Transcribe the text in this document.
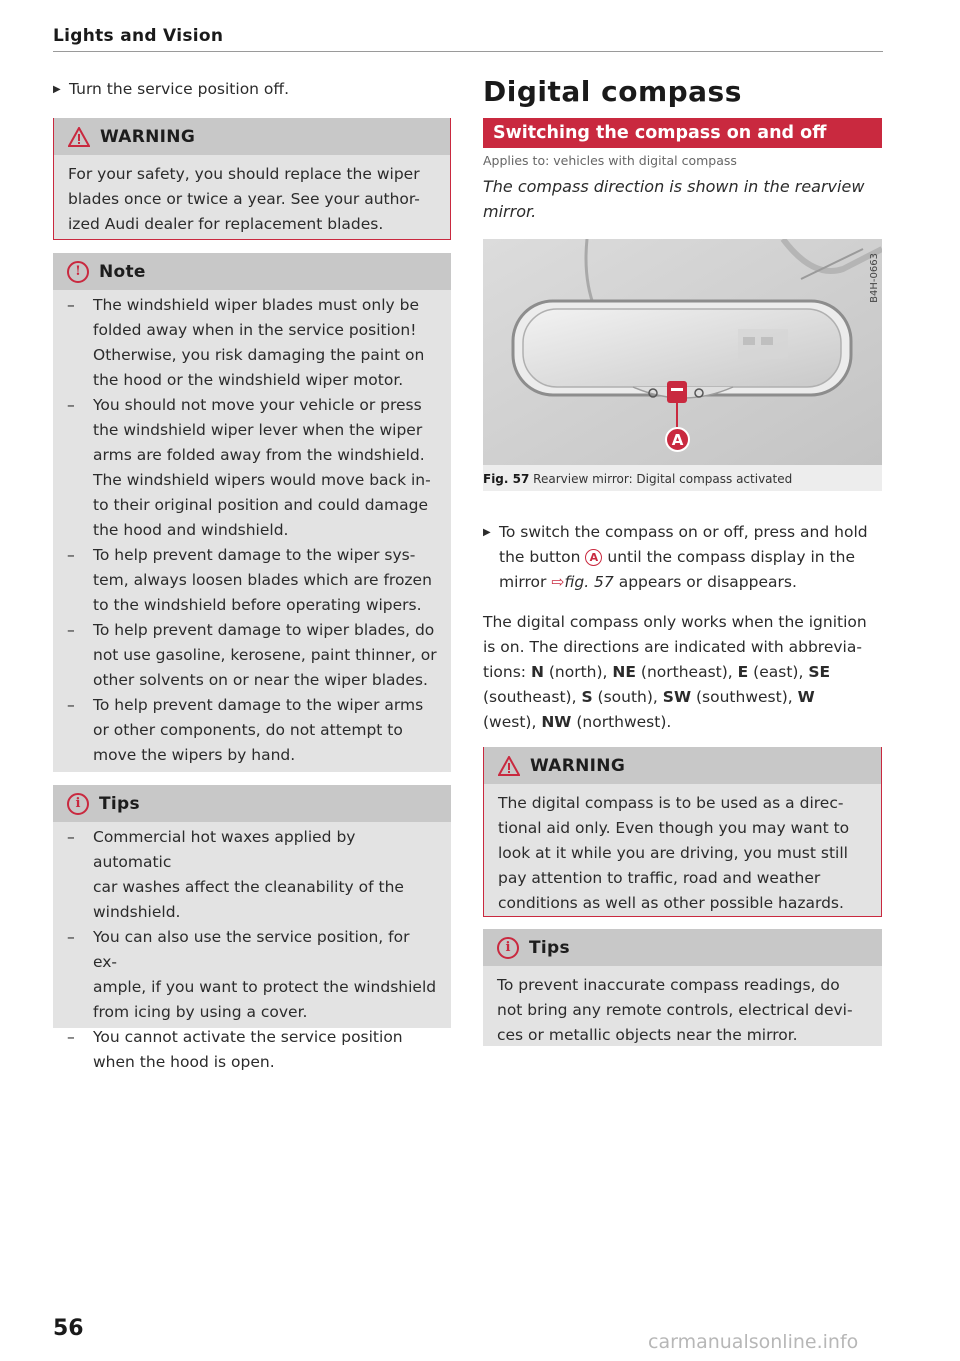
Lights and Vision

▶ Turn the service position off.

WARNING

For your safety, you should replace the wiper

blades once or twice a year. See your author-

ized Audi dealer for replacement blades.

!	Note
– The windshield wiper blades must only be
folded away when in the service position!
Otherwise, you risk damaging the paint on
the hood or the windshield wiper motor.
– You should not move your vehicle or press
the windshield wiper lever when the wiper
arms are folded away from the windshield.
The windshield wipers would move back in-
to their original position and could damage
the hood and windshield.
– To help prevent damage to the wiper sys-
tem, always loosen blades which are frozen
to the windshield before operating wipers.
– To help prevent damage to wiper blades, do
not use gasoline, kerosene, paint thinner, or
other solvents on or near the wiper blades.
– To help prevent damage to the wiper arms
or other components, do not attempt to
move the wipers by hand.
i	Tips
– Commercial hot waxes applied by automatic
car washes affect the cleanability of the
windshield.
– You can also use the service position, for ex-
ample, if you want to protect the windshield
from icing by using a cover.
– You cannot activate the service position
when the hood is open.
Digital compass
Switching the compass on and off
Applies to: vehicles with digital compass

The compass direction is shown in the rearview
mirror.

B4H-0663
A
Fig. 57 Rearview mirror: Digital compass activated
▶ To switch the compass on or off, press and hold
the button A until the compass display in the
mirror ⇨fig. 57 appears or disappears.
The digital compass only works when the ignition
is on. The directions are indicated with abbrevia-
tions: N (north), NE (northeast), E (east), SE
(southeast), S (south), SW (southwest), W
(west), NW (northwest).
WARNING

The digital compass is to be used as a direc-

tional aid only. Even though you may want to

look at it while you are driving, you must still

pay attention to traffic, road and weather

conditions as well as other possible hazards.

i	Tips

To prevent inaccurate compass readings, do

not bring any remote controls, electrical devi-

ces or metallic objects near the mirror.

56
carmanualsonline.info
